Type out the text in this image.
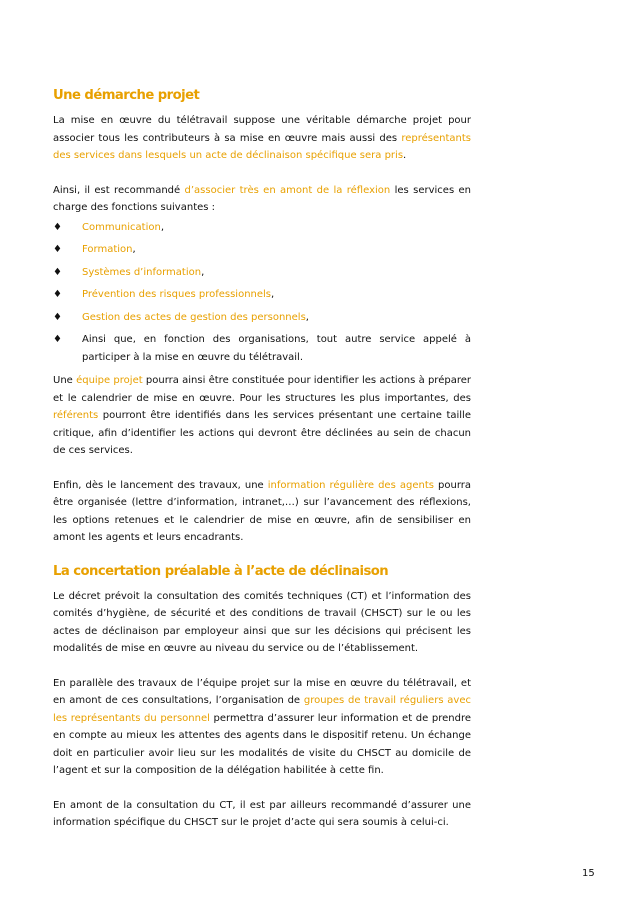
Une démarche projet

La mise en œuvre du télétravail suppose une véritable démarche projet pour associer tous les contributeurs à sa mise en œuvre mais aussi des représentants des services dans lesquels un acte de déclinaison spécifique sera pris.

Ainsi, il est recommandé d’associer très en amont de la réflexion les services en charge des fonctions suivantes :

♦ Communication,
♦ Formation,
♦ Systèmes d’information,
♦ Prévention des risques professionnels,
♦ Gestion des actes de gestion des personnels,
♦ Ainsi que, en fonction des organisations, tout autre service appelé à participer à la mise en œuvre du télétravail.

Une équipe projet pourra ainsi être constituée pour identifier les actions à préparer et le calendrier de mise en œuvre. Pour les structures les plus importantes, des référents pourront être identifiés dans les services présentant une certaine taille critique, afin d’identifier les actions qui devront être déclinées au sein de chacun de ces services.

Enfin, dès le lancement des travaux, une information régulière des agents pourra être organisée (lettre d’information, intranet,…) sur l’avancement des réflexions, les options retenues et le calendrier de mise en œuvre, afin de sensibiliser en amont les agents et leurs encadrants.

La concertation préalable à l’acte de déclinaison

Le décret prévoit la consultation des comités techniques (CT) et l’information des comités d’hygiène, de sécurité et des conditions de travail (CHSCT) sur le ou les actes de déclinaison par employeur ainsi que sur les décisions qui précisent les modalités de mise en œuvre au niveau du service ou de l’établissement.

En parallèle des travaux de l’équipe projet sur la mise en œuvre du télétravail, et en amont de ces consultations, l’organisation de groupes de travail réguliers avec les représentants du personnel permettra d’assurer leur information et de prendre en compte au mieux les attentes des agents dans le dispositif retenu. Un échange doit en particulier avoir lieu sur les modalités de visite du CHSCT au domicile de l’agent et sur la composition de la délégation habilitée à cette fin.

En amont de la consultation du CT, il est par ailleurs recommandé d’assurer une information spécifique du CHSCT sur le projet d’acte qui sera soumis à celui-ci.

15
